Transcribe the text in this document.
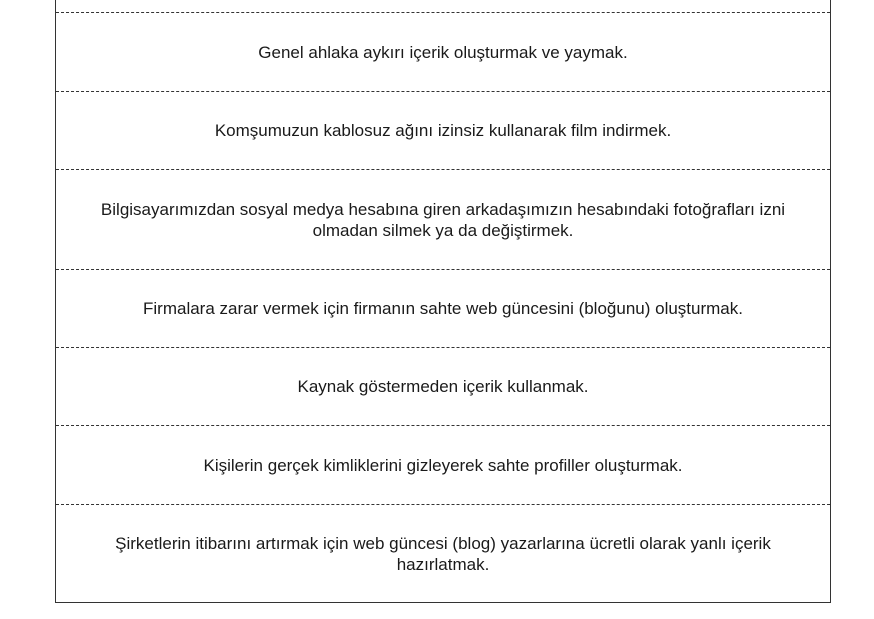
Genel ahlaka aykırı içerik oluşturmak ve yaymak.
Komşumuzun kablosuz ağını izinsiz kullanarak film indirmek.
Bilgisayarımızdan sosyal medya hesabına giren arkadaşımızın hesabındaki fotoğrafları izni olmadan silmek ya da değiştirmek.
Firmalara zarar vermek için firmanın sahte web güncesini (bloğunu) oluşturmak.
Kaynak göstermeden içerik kullanmak.
Kişilerin gerçek kimliklerini gizleyerek sahte profiller oluşturmak.
Şirketlerin itibarını artırmak için web güncesi (blog) yazarlarına ücretli olarak yanlı içerik hazırlatmak.
